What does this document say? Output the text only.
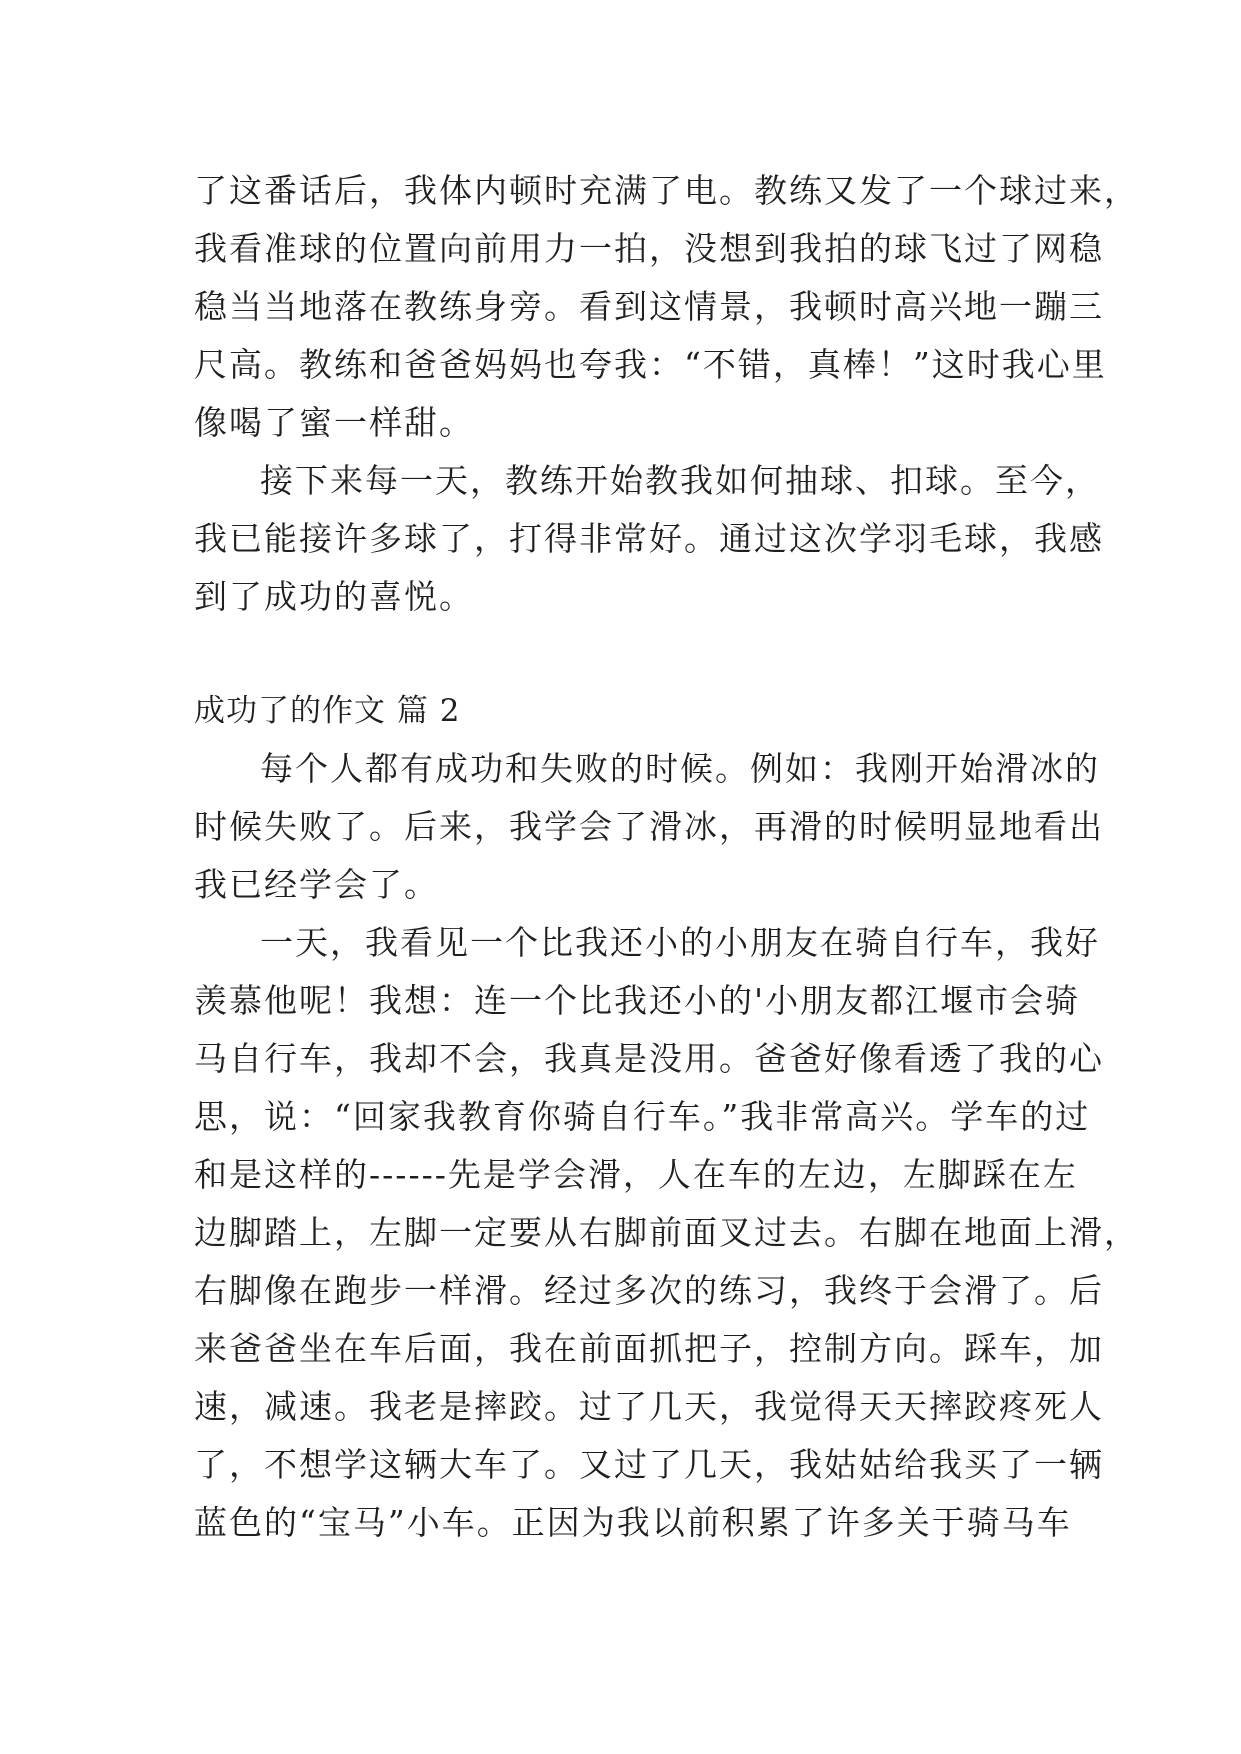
了这番话后，我体内顿时充满了电。教练又发了一个球过来，
我看准球的位置向前用力一拍，没想到我拍的球飞过了网稳
稳当当地落在教练身旁。看到这情景，我顿时高兴地一蹦三
尺高。教练和爸爸妈妈也夸我：“不错，真棒！”这时我心里
像喝了蜜一样甜。
接下来每一天，教练开始教我如何抽球、扣球。至今，
我已能接许多球了，打得非常好。通过这次学羽毛球，我感
到了成功的喜悦。
成功了的作文 篇 2
每个人都有成功和失败的时候。例如：我刚开始滑冰的
时候失败了。后来，我学会了滑冰，再滑的时候明显地看出
我已经学会了。
一天，我看见一个比我还小的小朋友在骑自行车，我好
羡慕他呢！我想：连一个比我还小的'小朋友都江堰市会骑
马自行车，我却不会，我真是没用。爸爸好像看透了我的心
思，说：“回家我教育你骑自行车。”我非常高兴。学车的过
和是这样的------先是学会滑，人在车的左边，左脚踩在左
边脚踏上，左脚一定要从右脚前面叉过去。右脚在地面上滑，
右脚像在跑步一样滑。经过多次的练习，我终于会滑了。后
来爸爸坐在车后面，我在前面抓把子，控制方向。踩车，加
速，减速。我老是摔跤。过了几天，我觉得天天摔跤疼死人
了，不想学这辆大车了。又过了几天，我姑姑给我买了一辆
蓝色的“宝马”小车。正因为我以前积累了许多关于骑马车
